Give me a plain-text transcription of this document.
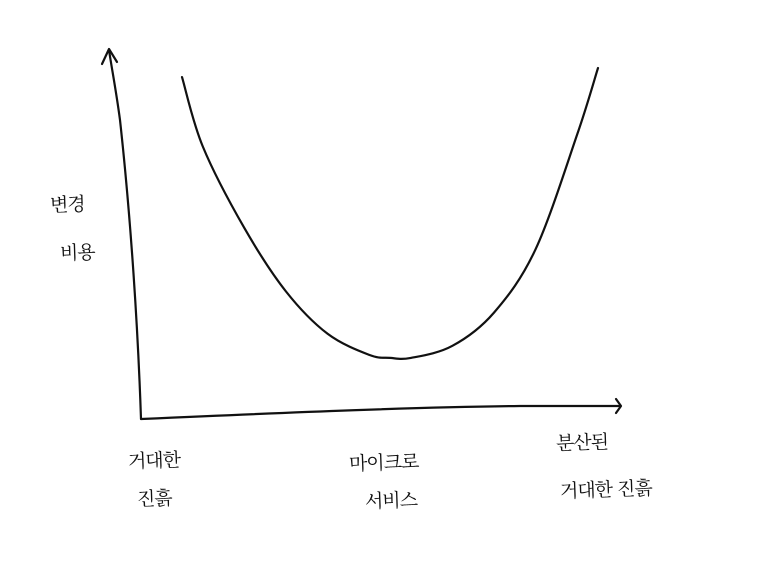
변경
비용
거대한
진흙
마이크로
서비스
분산된
거대한 진흙
